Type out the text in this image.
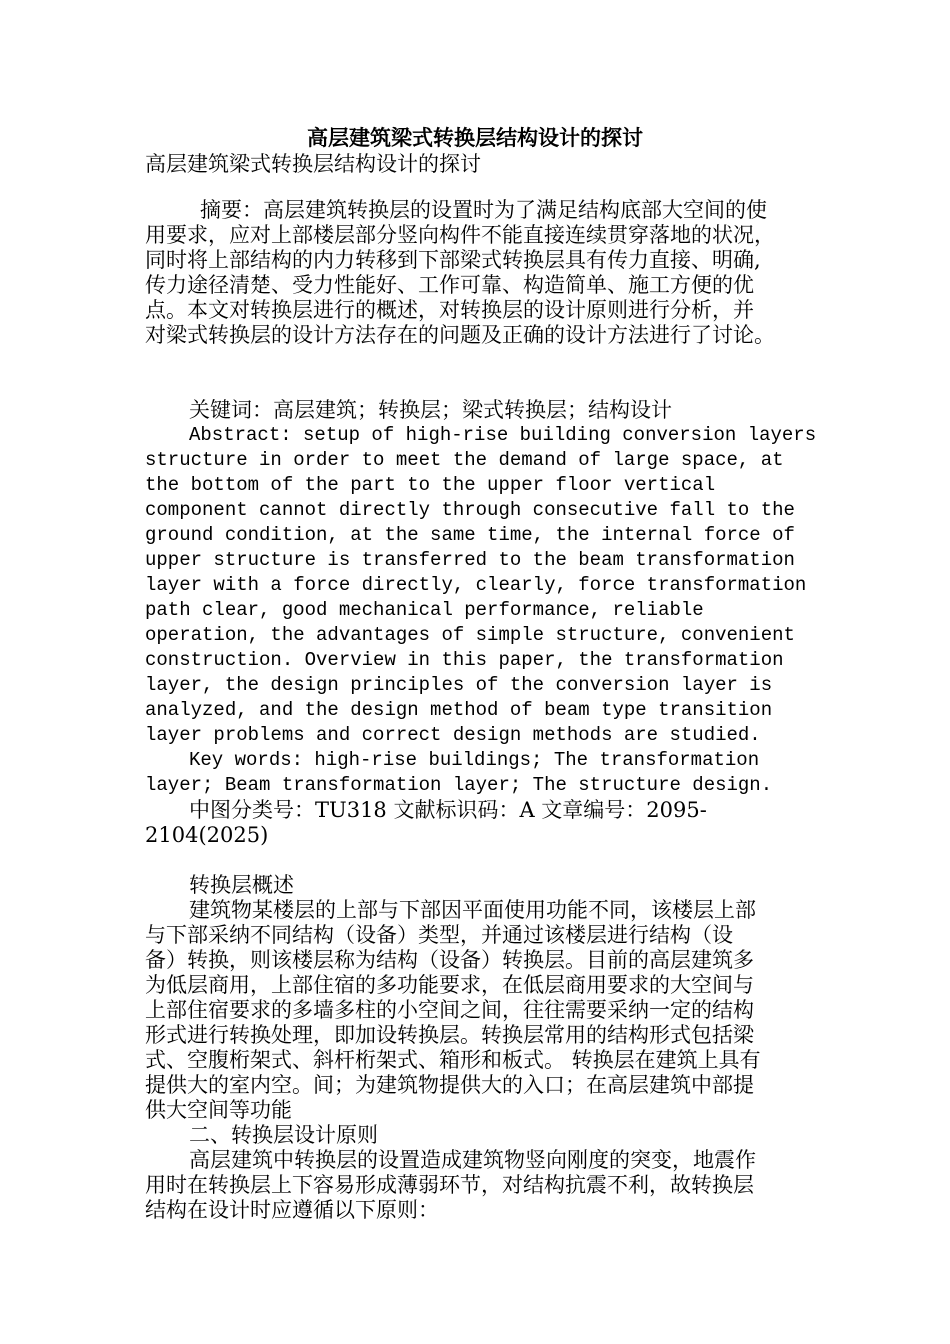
高层建筑梁式转换层结构设计的探讨
高层建筑梁式转换层结构设计的探讨
摘要：高层建筑转换层的设置时为了满足结构底部大空间的使
用要求，应对上部楼层部分竖向构件不能直接连续贯穿落地的状况，
同时将上部结构的内力转移到下部梁式转换层具有传力直接、明确,
传力途径清楚、受力性能好、工作可靠、构造简单、施工方便的优
点。本文对转换层进行的概述，对转换层的设计原则进行分析，并
对梁式转换层的设计方法存在的问题及正确的设计方法进行了讨论。
关键词：高层建筑；转换层；梁式转换层；结构设计
Abstract: setup of high-rise building conversion layers
structure in order to meet the demand of large space, at
the bottom of the part to the upper floor vertical
component cannot directly through consecutive fall to the
ground condition, at the same time, the internal force of
upper structure is transferred to the beam transformation
layer with a force directly, clearly, force transformation
path clear, good mechanical performance, reliable
operation, the advantages of simple structure, convenient
construction. Overview in this paper, the transformation
layer, the design principles of the conversion layer is
analyzed, and the design method of beam type transition
layer problems and correct design methods are studied.
Key words: high-rise buildings; The transformation
layer; Beam transformation layer; The structure design.
中图分类号：TU318 文献标识码：A 文章编号：2095-
2104(2025)
转换层概述
建筑物某楼层的上部与下部因平面使用功能不同，该楼层上部
与下部采纳不同结构（设备）类型，并通过该楼层进行结构（设
备）转换，则该楼层称为结构（设备）转换层。目前的高层建筑多
为低层商用，上部住宿的多功能要求，在低层商用要求的大空间与
上部住宿要求的多墙多柱的小空间之间，往往需要采纳一定的结构
形式进行转换处理，即加设转换层。转换层常用的结构形式包括梁
式、空腹桁架式、斜杆桁架式、箱形和板式。 转换层在建筑上具有
提供大的室内空。间；为建筑物提供大的入口；在高层建筑中部提
供大空间等功能
二、转换层设计原则
高层建筑中转换层的设置造成建筑物竖向刚度的突变，地震作
用时在转换层上下容易形成薄弱环节，对结构抗震不利，故转换层
结构在设计时应遵循以下原则：
